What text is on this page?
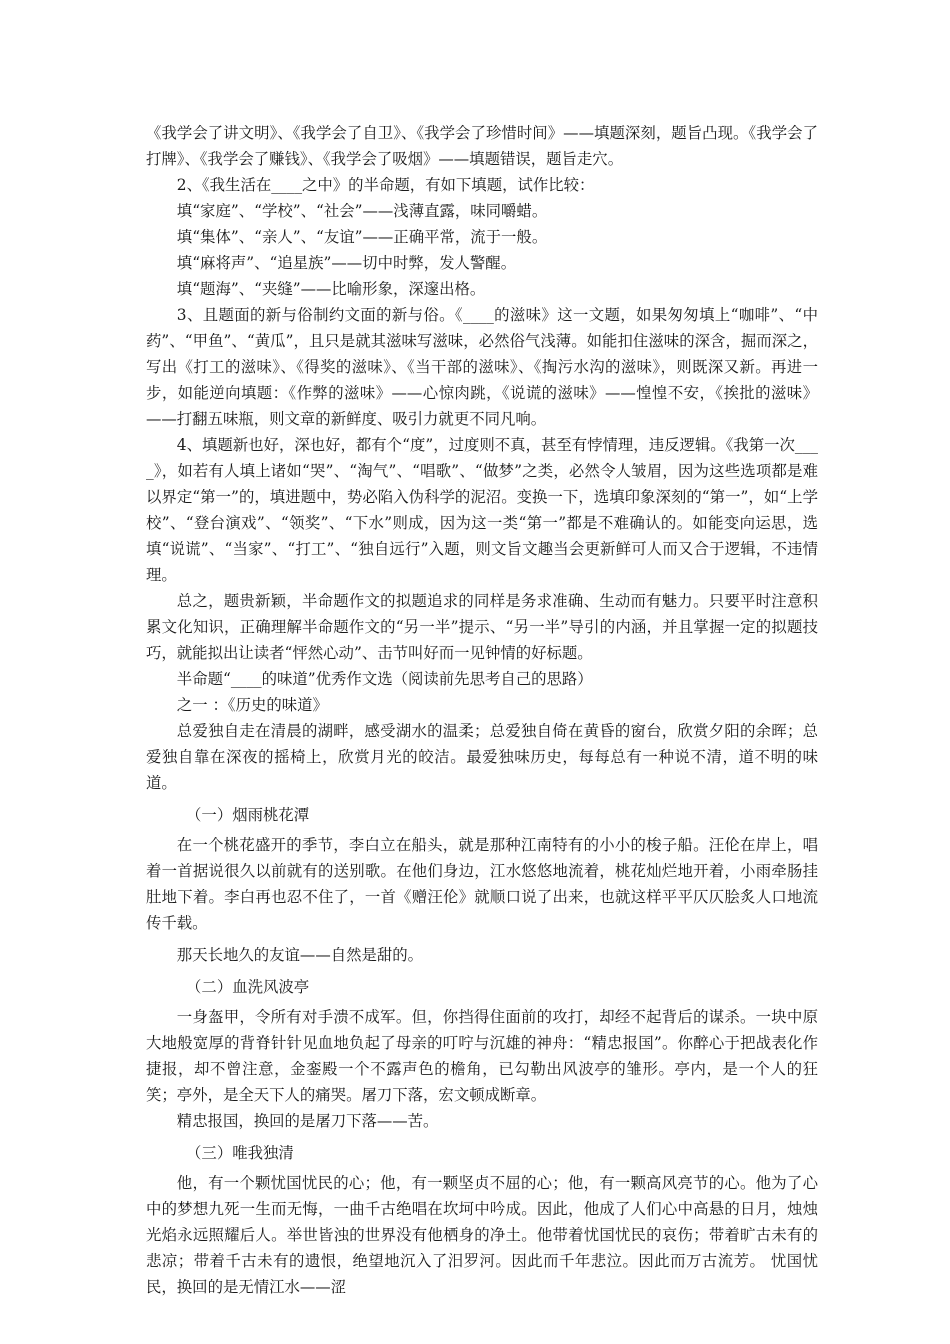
《我学会了讲文明》、《我学会了自卫》、《我学会了珍惜时间》——填题深刻，题旨凸现。《我学会了打牌》、《我学会了赚钱》、《我学会了吸烟》——填题错误，题旨走穴。

2、《我生活在____之中》的半命题，有如下填题，试作比较：

填“家庭”、“学校”、“社会”——浅薄直露，味同嚼蜡。

填“集体”、“亲人”、“友谊”——正确平常，流于一般。

填“麻将声”、“追星族”——切中时弊，发人警醒。

填“题海”、“夹缝”——比喻形象，深邃出格。

3、且题面的新与俗制约文面的新与俗。《____的滋味》这一文题，如果匆匆填上“咖啡”、“中药”、“甲鱼”、“黄瓜”，且只是就其滋味写滋味，必然俗气浅薄。如能扣住滋味的深含，掘而深之，写出《打工的滋味》、《得奖的滋味》、《当干部的滋味》、《掏污水沟的滋味》，则既深又新。再进一步，如能逆向填题：《作弊的滋味》——心惊肉跳，《说谎的滋味》——惶惶不安，《挨批的滋味》——打翻五味瓶，则文章的新鲜度、吸引力就更不同凡响。

4、填题新也好，深也好，都有个“度”，过度则不真，甚至有悖情理，违反逻辑。《我第一次____》，如若有人填上诸如“哭”、“淘气”、“唱歌”、“做梦”之类，必然令人皱眉，因为这些选项都是难以界定“第一”的，填进题中，势必陷入伪科学的泥沼。变换一下，选填印象深刻的“第一”，如“上学校”、“登台演戏”、“领奖”、“下水”则成，因为这一类“第一”都是不难确认的。如能变向运思，选填“说谎”、“当家”、“打工”、“独自远行”入题，则文旨文趣当会更新鲜可人而又合于逻辑，不违情理。

总之，题贵新颖，半命题作文的拟题追求的同样是务求准确、生动而有魅力。只要平时注意积累文化知识，正确理解半命题作文的“另一半”提示、“另一半”导引的内涵，并且掌握一定的拟题技巧，就能拟出让读者“怦然心动”、击节叫好而一见钟情的好标题。

半命题“____的味道”优秀作文选（阅读前先思考自己的思路）

之一 ：《历史的味道》

总爱独自走在清晨的湖畔，感受湖水的温柔；总爱独自倚在黄昏的窗台，欣赏夕阳的余晖；总爱独自靠在深夜的摇椅上，欣赏月光的皎洁。最爱独味历史，每每总有一种说不清，道不明的味道。

（一）烟雨桃花潭

在一个桃花盛开的季节，李白立在船头，就是那种江南特有的小小的梭子船。汪伦在岸上，唱着一首据说很久以前就有的送别歌。在他们身边，江水悠悠地流着，桃花灿烂地开着，小雨牵肠挂肚地下着。李白再也忍不住了，一首《赠汪伦》就顺口说了出来，也就这样平平仄仄脍炙人口地流传千载。

那天长地久的友谊——自然是甜的。

（二）血洗风波亭

一身盔甲，令所有对手溃不成军。但，你挡得住面前的攻打，却经不起背后的谋杀。一块中原大地般宽厚的背脊针针见血地负起了母亲的叮咛与沉雄的神舟：“精忠报国”。你醉心于把战表化作捷报，却不曾注意，金銮殿一个不露声色的檐角，已勾勒出风波亭的雏形。亭内，是一个人的狂笑；亭外，是全天下人的痛哭。屠刀下落，宏文顿成断章。

精忠报国，换回的是屠刀下落——苦。

（三）唯我独清

他，有一个颗忧国忧民的心；他，有一颗坚贞不屈的心；他，有一颗高风亮节的心。他为了心中的梦想九死一生而无悔，一曲千古绝唱在坎坷中吟成。因此，他成了人们心中高悬的日月，烛烛光焰永远照耀后人。举世皆浊的世界没有他栖身的净土。他带着忧国忧民的哀伤；带着旷古未有的悲凉；带着千古未有的遗恨，绝望地沉入了汨罗河。因此而千年悲泣。因此而万古流芳。 忧国忧民，换回的是无情江水——涩
